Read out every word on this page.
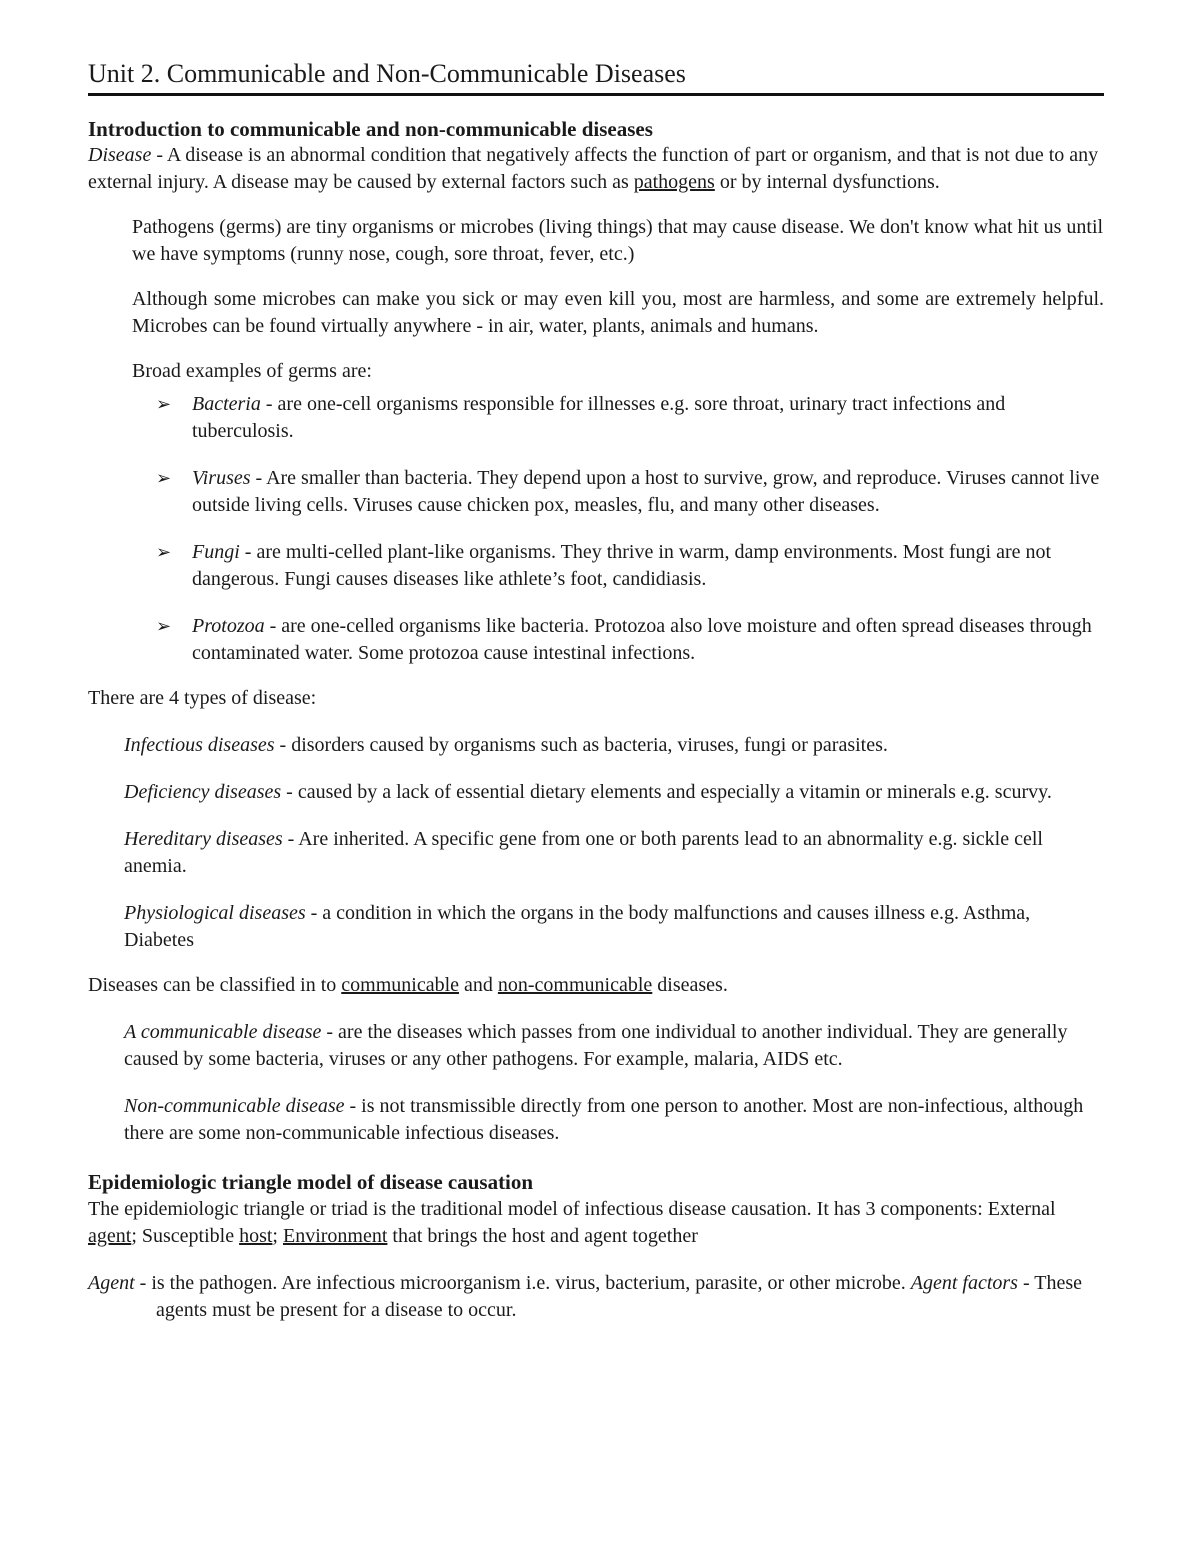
Unit 2. Communicable and Non-Communicable Diseases
Introduction to communicable and non-communicable diseases

Disease - A disease is an abnormal condition that negatively affects the function of part or organism, and that is not due to any external injury. A disease may be caused by external factors such as pathogens or by internal dysfunctions.

Pathogens (germs) are tiny organisms or microbes (living things) that may cause disease. We don't know what hit us until we have symptoms (runny nose, cough, sore throat, fever, etc.)

Although some microbes can make you sick or may even kill you, most are harmless, and some are extremely helpful. Microbes can be found virtually anywhere - in air, water, plants, animals and humans.

Broad examples of germs are:

➢ Bacteria - are one-cell organisms responsible for illnesses e.g. sore throat, urinary tract infections and tuberculosis.
➢ Viruses - Are smaller than bacteria. They depend upon a host to survive, grow, and reproduce. Viruses cannot live outside living cells. Viruses cause chicken pox, measles, flu, and many other diseases.
➢ Fungi - are multi-celled plant-like organisms. They thrive in warm, damp environments. Most fungi are not dangerous. Fungi causes diseases like athlete’s foot, candidiasis.
➢ Protozoa - are one-celled organisms like bacteria. Protozoa also love moisture and often spread diseases through contaminated water. Some protozoa cause intestinal infections.

There are 4 types of disease:

Infectious diseases - disorders caused by organisms such as bacteria, viruses, fungi or parasites.

Deficiency diseases - caused by a lack of essential dietary elements and especially a vitamin or minerals e.g. scurvy.

Hereditary diseases - Are inherited. A specific gene from one or both parents lead to an abnormality e.g. sickle cell anemia.

Physiological diseases - a condition in which the organs in the body malfunctions and causes illness e.g. Asthma, Diabetes

Diseases can be classified in to communicable and non-communicable diseases.

A communicable disease - are the diseases which passes from one individual to another individual. They are generally caused by some bacteria, viruses or any other pathogens. For example, malaria, AIDS etc.

Non-communicable disease - is not transmissible directly from one person to another. Most are non-infectious, although there are some non-communicable infectious diseases.

Epidemiologic triangle model of disease causation

The epidemiologic triangle or triad is the traditional model of infectious disease causation. It has 3 components: External agent; Susceptible host; Environment that brings the host and agent together

Agent - is the pathogen. Are infectious microorganism i.e. virus, bacterium, parasite, or other microbe. Agent factors - These agents must be present for a disease to occur.
